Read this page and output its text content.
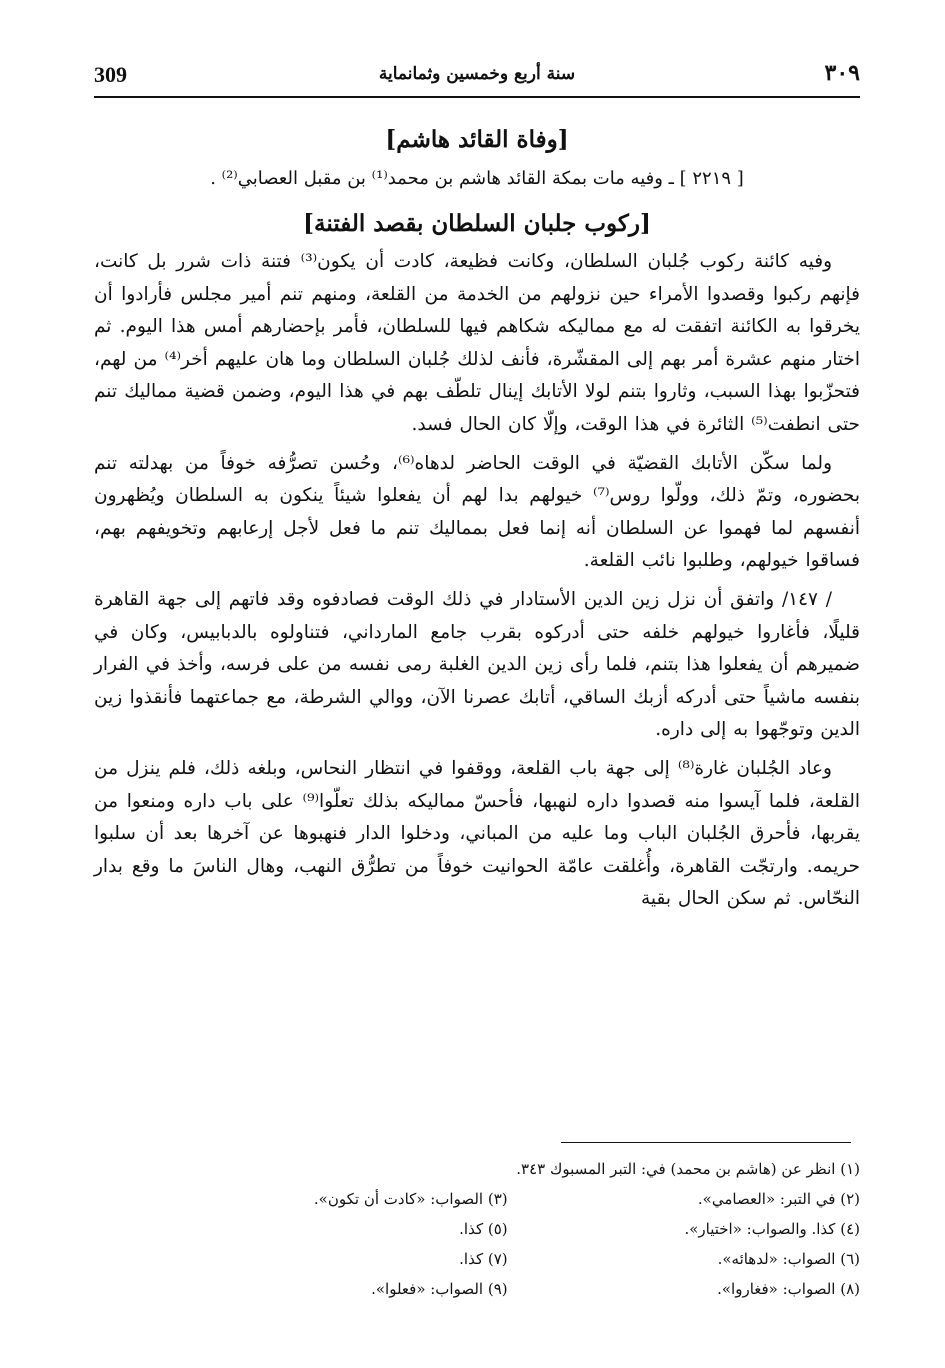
309	سنة أربع وخمسين وثمانماية	٣٠٩
[وفاة القائد هاشم]

[ ٢٢١٩ ] ـ وفيه مات بمكة القائد هاشم بن محمد⁽¹⁾ بن مقبل العصابي⁽²⁾ .

[ركوب جلبان السلطان بقصد الفتنة]

وفيه كائنة ركوب جُلبان السلطان، وكانت فظيعة، كادت أن يكون⁽³⁾ فتنة ذات شرر بل كانت، فإنهم ركبوا وقصدوا الأمراء حين نزولهم من الخدمة من القلعة، ومنهم تنم أمير مجلس فأرادوا أن يخرقوا به الكائنة اتفقت له مع مماليكه شكاهم فيها للسلطان، فأمر بإحضارهم أمس هذا اليوم. ثم اختار منهم عشرة أمر بهم إلى المقشّرة، فأنف لذلك جُلبان السلطان وما هان عليهم أخر⁽⁴⁾ من لهم، فتحزّبوا بهذا السبب، وثاروا بتنم لولا الأتابك إينال تلطّف بهم في هذا اليوم، وضمن قضية مماليك تنم حتى انطفت⁽⁵⁾ الثائرة في هذا الوقت، وإلّا كان الحال فسد.

ولما سكّن الأتابك القضيّة في الوقت الحاضر لدهاه⁽⁶⁾، وحُسن تصرُّفه خوفاً من بهدلته تنم بحضوره، وتمّ ذلك، وولّوا روس⁽⁷⁾ خيولهم بدا لهم أن يفعلوا شيئاً ينكون به السلطان ويُظهرون أنفسهم لما فهموا عن السلطان أنه إنما فعل بمماليك تنم ما فعل لأجل إرعابهم وتخويفهم بهم، فساقوا خيولهم، وطلبوا نائب القلعة.

/ ١٤٧/ واتفق أن نزل زين الدين الأستادار في ذلك الوقت فصادفوه وقد فاتهم إلى جهة القاهرة قليلًا، فأغاروا خيولهم خلفه حتى أدركوه بقرب جامع المارداني، فتناولوه بالدبابيس، وكان في ضميرهم أن يفعلوا هذا بتنم، فلما رأى زين الدين الغلبة رمى نفسه من على فرسه، وأخذ في الفرار بنفسه ماشياً حتى أدركه أزبك الساقي، أتابك عصرنا الآن، ووالي الشرطة، مع جماعتهما فأنقذوا زين الدين وتوجّهوا به إلى داره.

وعاد الجُلبان غارة⁽⁸⁾ إلى جهة باب القلعة، ووقفوا في انتظار النحاس، وبلغه ذلك، فلم ينزل من القلعة، فلما آيسوا منه قصدوا داره لنهبها، فأحسّ مماليكه بذلك تعلّوا⁽⁹⁾ على باب داره ومنعوا من يقربها، فأحرق الجُلبان الباب وما عليه من المباني، ودخلوا الدار فنهبوها عن آخرها بعد أن سلبوا حريمه. وارتجّت القاهرة، وأُغلقت عامّة الحوانيت خوفاً من تطرُّق النهب، وهال الناسَ ما وقع بدار النحّاس. ثم سكن الحال بقية

(١) انظر عن (هاشم بن محمد) في: التبر المسبوك ٣٤٣.
(٢) في التبر: «العصامي».
(٣) الصواب: «كادت أن تكون».
(٤) كذا. والصواب: «اختيار».
(٥) كذا.
(٦) الصواب: «لدهائه».
(٧) كذا.
(٨) الصواب: «فغاروا».
(٩) الصواب: «فعلوا».
